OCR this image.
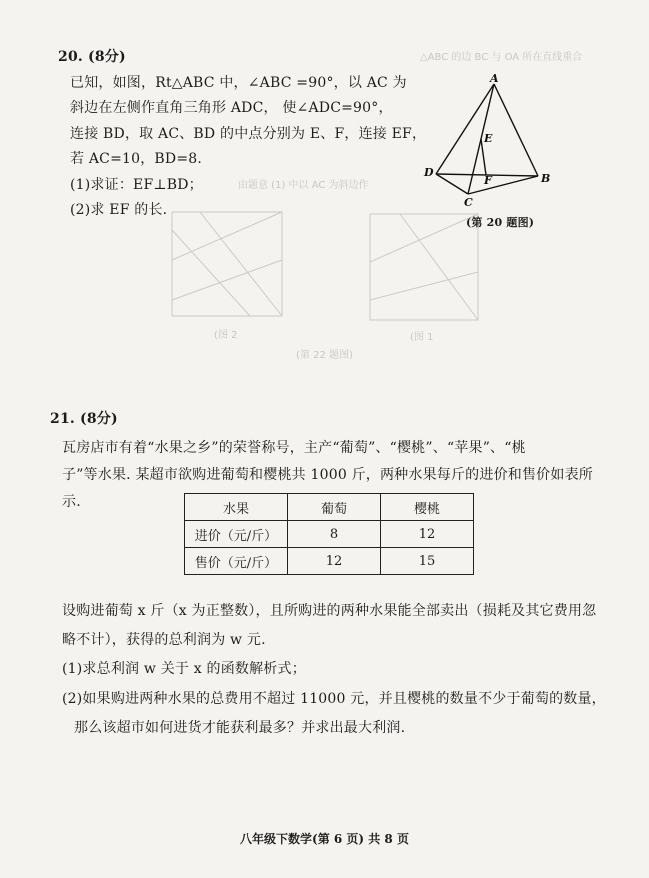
(图 2	(图 1
(第 22 题图)
△ABC 的边 BC 与 OA 所在直线重合
由题意 (1) 中以 AC 为斜边作
20. (8分)
已知，如图，Rt△ABC 中，∠ABC =90°，以 AC 为
斜边在左侧作直角三角形 ADC， 使∠ADC=90°，
连接 BD，取 AC、BD 的中点分别为 E、F，连接 EF，
若 AC=10，BD=8.
(1)求证：EF⊥BD；
(2)求 EF 的长.
A
D
C
B
E
F
(第 20 题图)
21. (8分)
瓦房店市有着“水果之乡”的荣誉称号，主产“葡萄”、“樱桃”、“苹果”、“桃
子”等水果. 某超市欲购进葡萄和樱桃共 1000 斤，两种水果每斤的进价和售价如表所
示.	水果	葡萄	樱桃
进价（元/斤）	8	12
售价（元/斤）	12	15
设购进葡萄 x 斤（x 为正整数），且所购进的两种水果能全部卖出（损耗及其它费用忽
略不计），获得的总利润为 w 元.
(1)求总利润 w 关于 x 的函数解析式；
(2)如果购进两种水果的总费用不超过 11000 元，并且樱桃的数量不少于葡萄的数量，
那么该超市如何进货才能获利最多？并求出最大利润.
八年级下数学(第 6 页) 共 8 页
